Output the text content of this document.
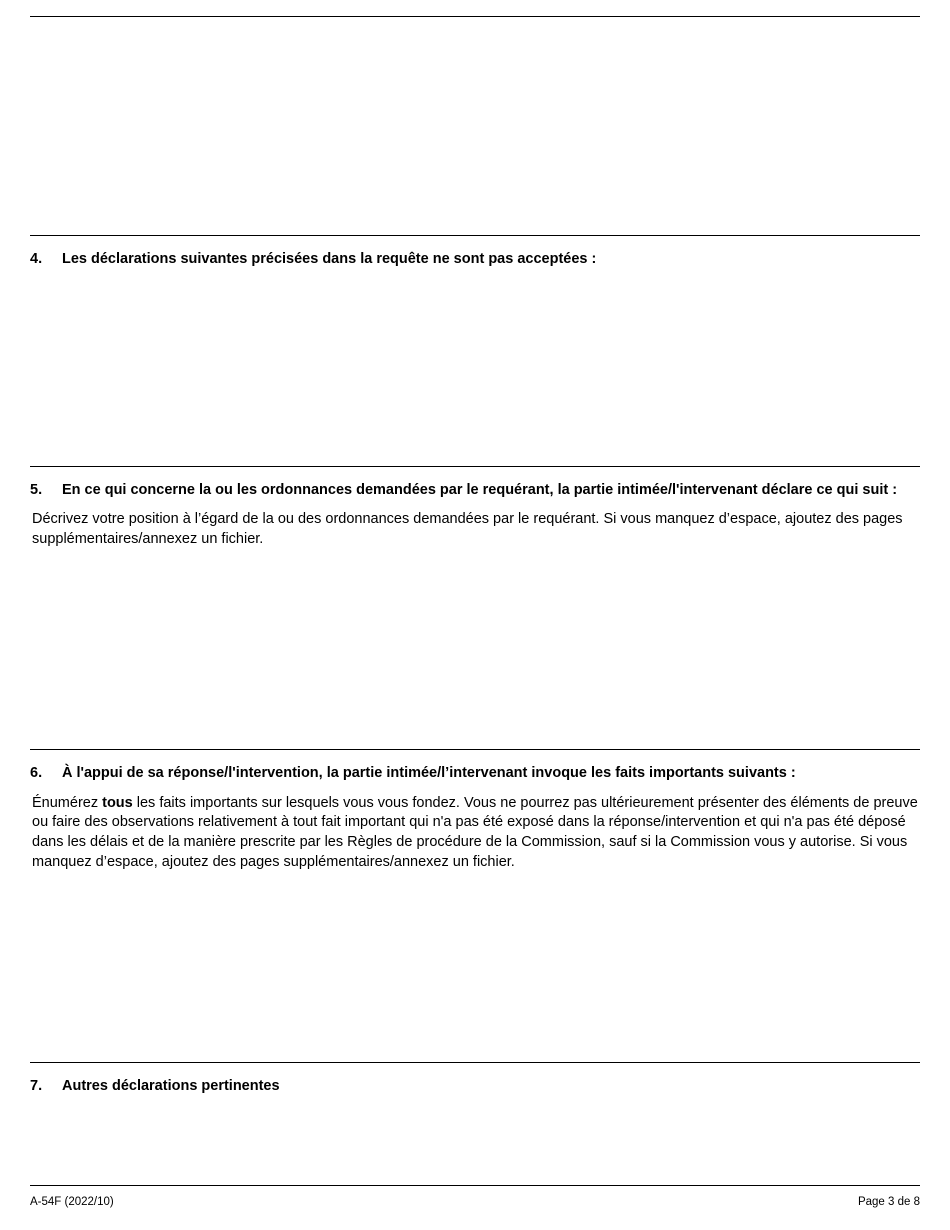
4.	Les déclarations suivantes précisées dans la requête ne sont pas acceptées :
5.	En ce qui concerne la ou les ordonnances demandées par le requérant, la partie intimée/l'intervenant déclare ce qui suit :

Décrivez votre position à l’égard de la ou des ordonnances demandées par le requérant. Si vous manquez d’espace, ajoutez des pages supplémentaires/annexez un fichier.

6.	À l'appui de sa réponse/l'intervention, la partie intimée/l’intervenant invoque les faits importants suivants :

Énumérez tous les faits importants sur lesquels vous vous fondez. Vous ne pourrez pas ultérieurement présenter des éléments de preuve ou faire des observations relativement à tout fait important qui n'a pas été exposé dans la réponse/intervention et qui n'a pas été déposé dans les délais et de la manière prescrite par les Règles de procédure de la Commission, sauf si la Commission vous y autorise. Si vous manquez d’espace, ajoutez des pages supplémentaires/annexez un fichier.

7.	Autres déclarations pertinentes
A-54F (2022/10)	Page 3 de 8
